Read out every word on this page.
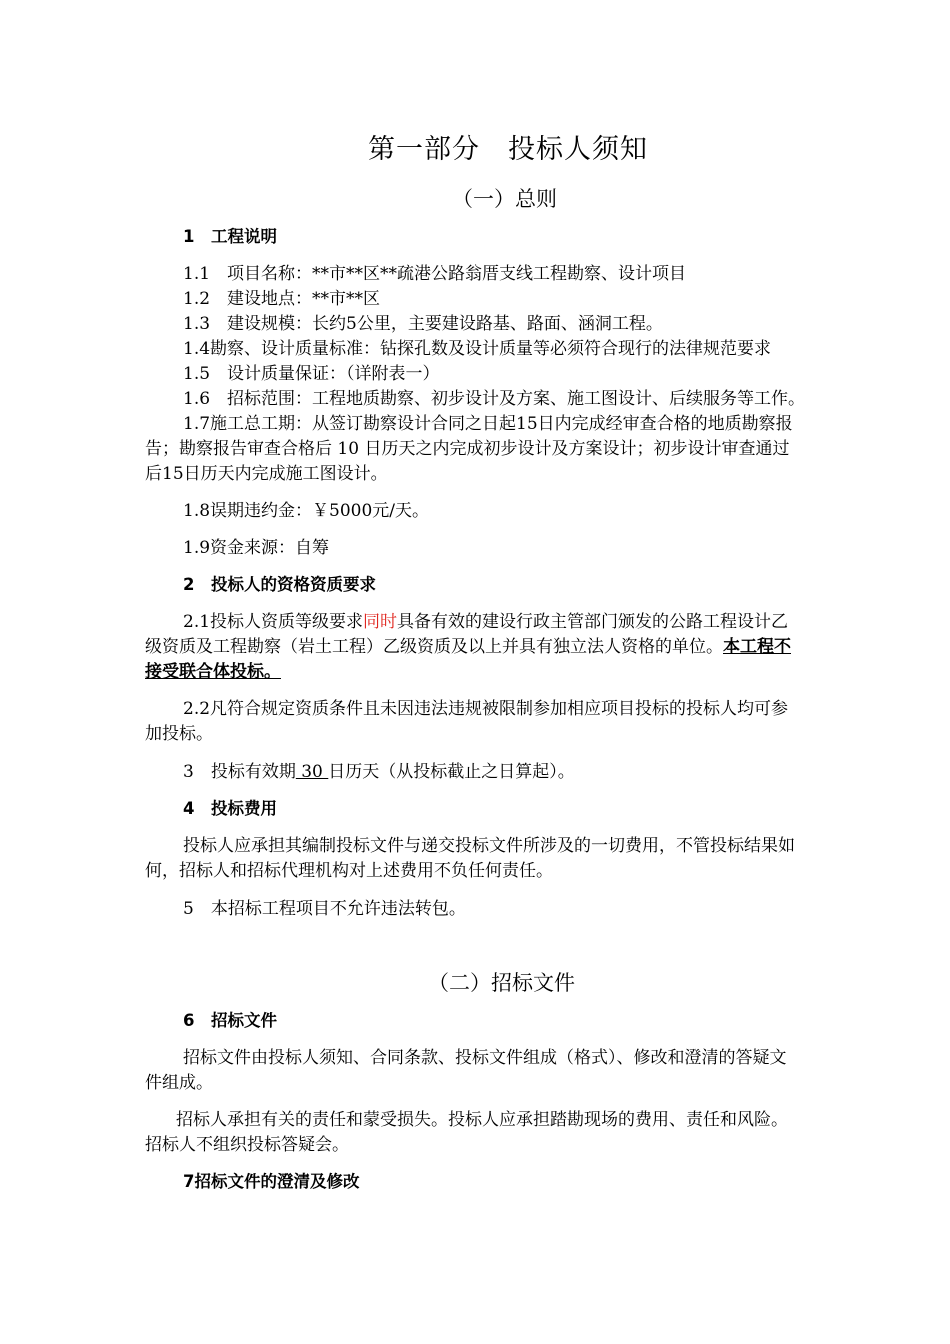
第一部分　投标人须知
（一）总则
1　工程说明
1.1　项目名称：**市**区**疏港公路翁厝支线工程勘察、设计项目
1.2　建设地点：**市**区
1.3　建设规模：长约5公里，主要建设路基、路面、涵洞工程。
1.4勘察、设计质量标准：钻探孔数及设计质量等必须符合现行的法律规范要求
1.5　设计质量保证：（详附表一）
1.6　招标范围：工程地质勘察、初步设计及方案、施工图设计、后续服务等工作。
1.7施工总工期：从签订勘察设计合同之日起15日内完成经审查合格的地质勘察报
告；勘察报告审查合格后 10 日历天之内完成初步设计及方案设计；初步设计审查通过
后15日历天内完成施工图设计。
1.8误期违约金：￥5000元/天。
1.9资金来源：自筹
2　投标人的资格资质要求
2.1投标人资质等级要求同时具备有效的建设行政主管部门颁发的公路工程设计乙
级资质及工程勘察（岩土工程）乙级资质及以上并具有独立法人资格的单位。本工程不
接受联合体投标。
2.2凡符合规定资质条件且未因违法违规被限制参加相应项目投标的投标人均可参
加投标。
3　投标有效期 30 日历天（从投标截止之日算起）。
4　投标费用
投标人应承担其编制投标文件与递交投标文件所涉及的一切费用，不管投标结果如
何，招标人和招标代理机构对上述费用不负任何责任。
5　本招标工程项目不允许违法转包。
（二）招标文件
6　招标文件
招标文件由投标人须知、合同条款、投标文件组成（格式）、修改和澄清的答疑文
件组成。
招标人承担有关的责任和蒙受损失。投标人应承担踏勘现场的费用、责任和风险。
招标人不组织投标答疑会。
7招标文件的澄清及修改
